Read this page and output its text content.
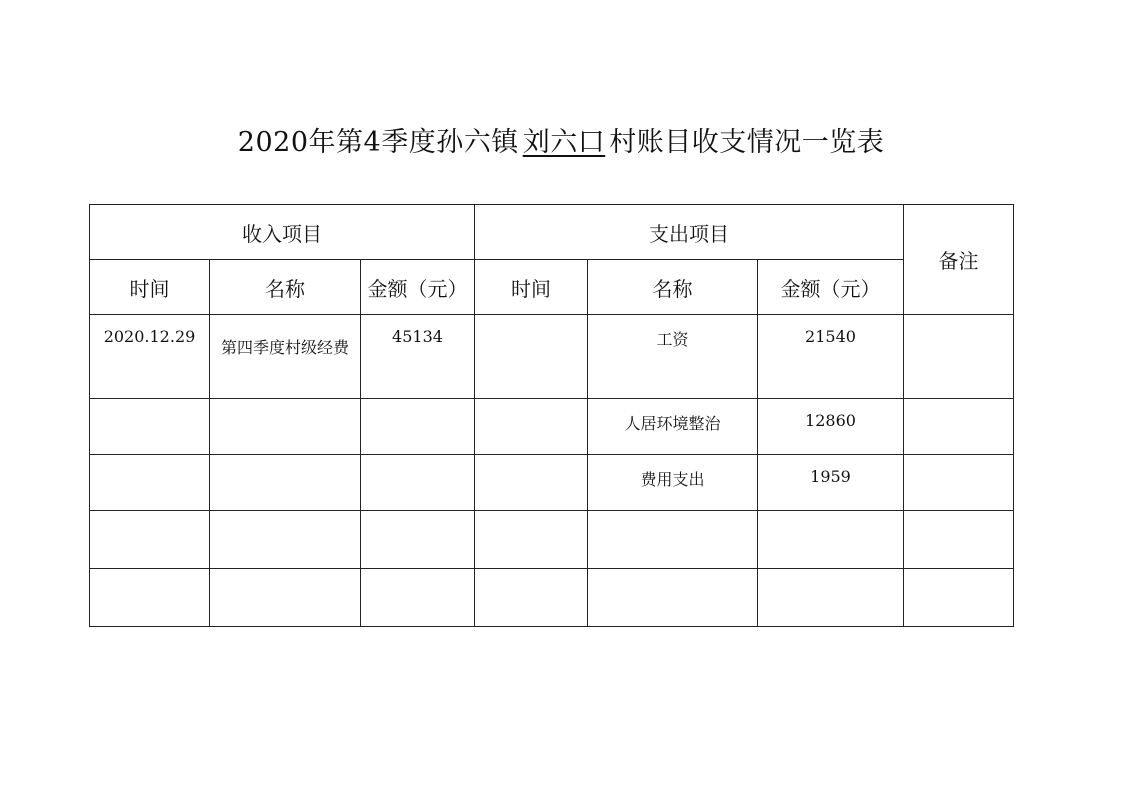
2020年第4季度孙六镇 刘六口 村账目收支情况一览表
收入项目			支出项目			备注
时间	名称	金额（元）	时间	名称	金额（元）	
2020.12.29	第四季度村级经费	45134		工资	21540	
				人居环境整治	12860	
				费用支出	1959	
